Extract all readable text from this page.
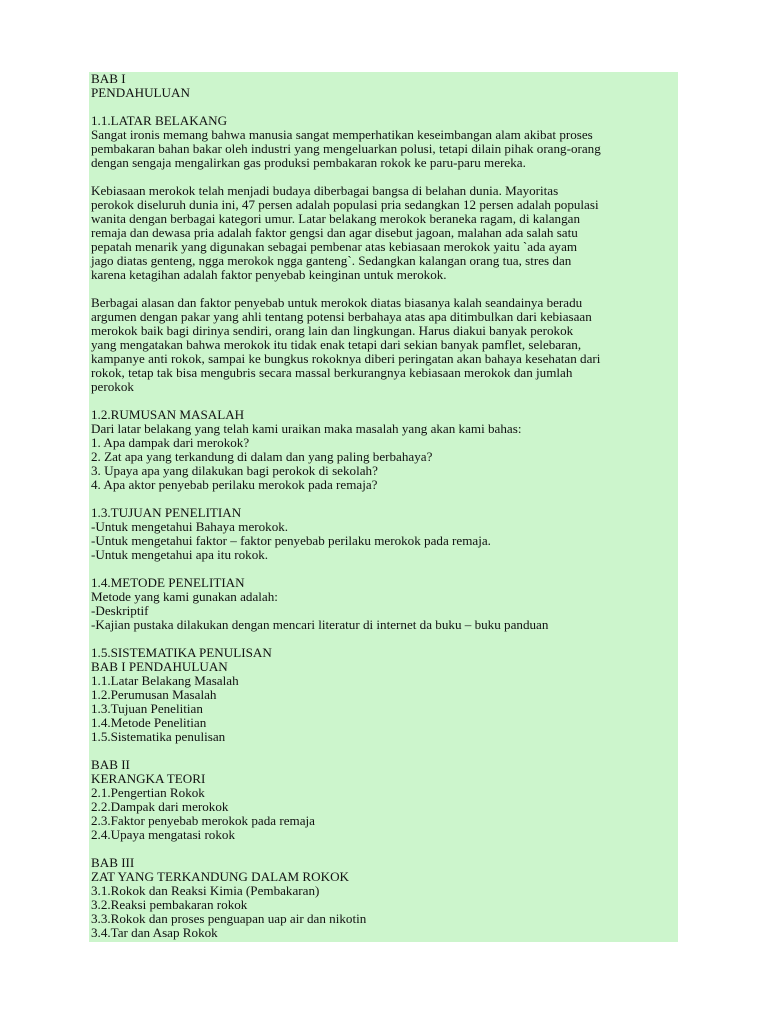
BAB I
PENDAHULUAN
1.1.LATAR BELAKANG
Sangat ironis memang bahwa manusia sangat memperhatikan keseimbangan alam akibat proses
pembakaran bahan bakar oleh industri yang mengeluarkan polusi, tetapi dilain pihak orang-orang
dengan sengaja mengalirkan gas produksi pembakaran rokok ke paru-paru mereka.
Kebiasaan merokok telah menjadi budaya diberbagai bangsa di belahan dunia. Mayoritas
perokok diseluruh dunia ini, 47 persen adalah populasi pria sedangkan 12 persen adalah populasi
wanita dengan berbagai kategori umur. Latar belakang merokok beraneka ragam, di kalangan
remaja dan dewasa pria adalah faktor gengsi dan agar disebut jagoan, malahan ada salah satu
pepatah menarik yang digunakan sebagai pembenar atas kebiasaan merokok yaitu `ada ayam
jago diatas genteng, ngga merokok ngga ganteng`. Sedangkan kalangan orang tua, stres dan
karena ketagihan adalah faktor penyebab keinginan untuk merokok.
Berbagai alasan dan faktor penyebab untuk merokok diatas biasanya kalah seandainya beradu
argumen dengan pakar yang ahli tentang potensi berbahaya atas apa ditimbulkan dari kebiasaan
merokok baik bagi dirinya sendiri, orang lain dan lingkungan. Harus diakui banyak perokok
yang mengatakan bahwa merokok itu tidak enak tetapi dari sekian banyak pamflet, selebaran,
kampanye anti rokok, sampai ke bungkus rokoknya diberi peringatan akan bahaya kesehatan dari
rokok, tetap tak bisa mengubris secara massal berkurangnya kebiasaan merokok dan jumlah
perokok
1.2.RUMUSAN MASALAH
Dari latar belakang yang telah kami uraikan maka masalah yang akan kami bahas:
1. Apa dampak dari merokok?
2. Zat apa yang terkandung di dalam dan yang paling berbahaya?
3. Upaya apa yang dilakukan bagi perokok di sekolah?
4. Apa aktor penyebab perilaku merokok pada remaja?
1.3.TUJUAN PENELITIAN
-Untuk mengetahui Bahaya merokok.
-Untuk mengetahui faktor – faktor penyebab perilaku merokok pada remaja.
-Untuk mengetahui apa itu rokok.
1.4.METODE PENELITIAN
Metode yang kami gunakan adalah:
-Deskriptif
-Kajian pustaka dilakukan dengan mencari literatur di internet da buku – buku panduan
1.5.SISTEMATIKA PENULISAN
BAB I PENDAHULUAN
1.1.Latar Belakang Masalah
1.2.Perumusan Masalah
1.3.Tujuan Penelitian
1.4.Metode Penelitian
1.5.Sistematika penulisan
BAB II
KERANGKA TEORI
2.1.Pengertian Rokok
2.2.Dampak dari merokok
2.3.Faktor penyebab merokok pada remaja
2.4.Upaya mengatasi rokok
BAB III
ZAT YANG TERKANDUNG DALAM ROKOK
3.1.Rokok dan Reaksi Kimia (Pembakaran)
3.2.Reaksi pembakaran rokok
3.3.Rokok dan proses penguapan uap air dan nikotin
3.4.Tar dan Asap Rokok
